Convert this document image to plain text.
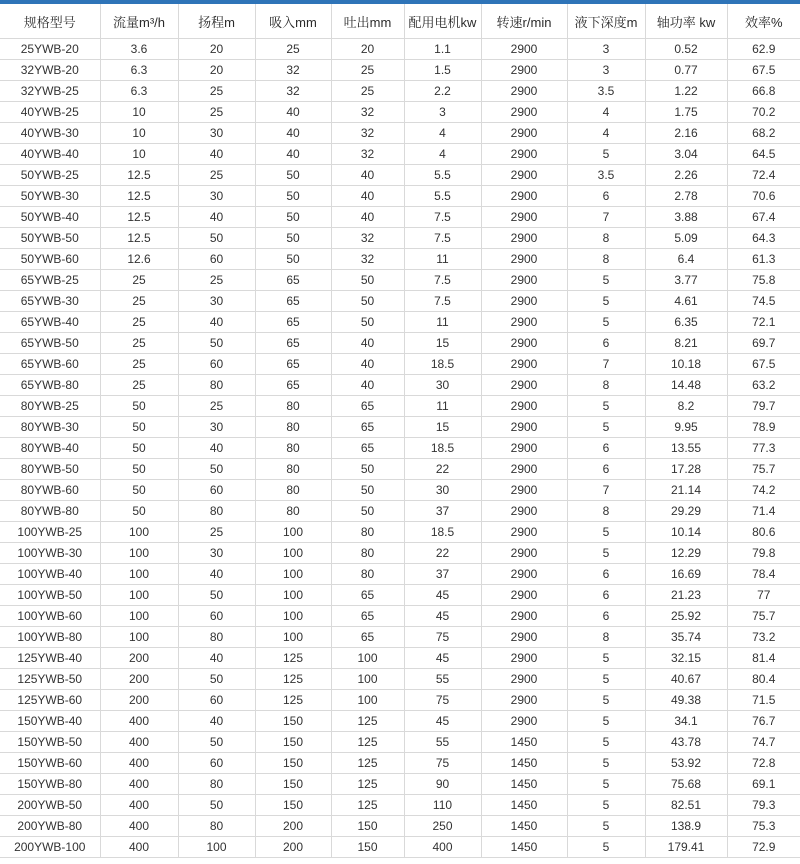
规格型号	流量m³/h	扬程m	吸入mm	吐出mm	配用电机kw	转速r/min	液下深度m	轴功率 kw	效率%
25YWB-20	3.6	20	25	20	1.1	2900	3	0.52	62.9
32YWB-20	6.3	20	32	25	1.5	2900	3	0.77	67.5
32YWB-25	6.3	25	32	25	2.2	2900	3.5	1.22	66.8
40YWB-25	10	25	40	32	3	2900	4	1.75	70.2
40YWB-30	10	30	40	32	4	2900	4	2.16	68.2
40YWB-40	10	40	40	32	4	2900	5	3.04	64.5
50YWB-25	12.5	25	50	40	5.5	2900	3.5	2.26	72.4
50YWB-30	12.5	30	50	40	5.5	2900	6	2.78	70.6
50YWB-40	12.5	40	50	40	7.5	2900	7	3.88	67.4
50YWB-50	12.5	50	50	32	7.5	2900	8	5.09	64.3
50YWB-60	12.6	60	50	32	11	2900	8	6.4	61.3
65YWB-25	25	25	65	50	7.5	2900	5	3.77	75.8
65YWB-30	25	30	65	50	7.5	2900	5	4.61	74.5
65YWB-40	25	40	65	50	11	2900	5	6.35	72.1
65YWB-50	25	50	65	40	15	2900	6	8.21	69.7
65YWB-60	25	60	65	40	18.5	2900	7	10.18	67.5
65YWB-80	25	80	65	40	30	2900	8	14.48	63.2
80YWB-25	50	25	80	65	11	2900	5	8.2	79.7
80YWB-30	50	30	80	65	15	2900	5	9.95	78.9
80YWB-40	50	40	80	65	18.5	2900	6	13.55	77.3
80YWB-50	50	50	80	50	22	2900	6	17.28	75.7
80YWB-60	50	60	80	50	30	2900	7	21.14	74.2
80YWB-80	50	80	80	50	37	2900	8	29.29	71.4
100YWB-25	100	25	100	80	18.5	2900	5	10.14	80.6
100YWB-30	100	30	100	80	22	2900	5	12.29	79.8
100YWB-40	100	40	100	80	37	2900	6	16.69	78.4
100YWB-50	100	50	100	65	45	2900	6	21.23	77
100YWB-60	100	60	100	65	45	2900	6	25.92	75.7
100YWB-80	100	80	100	65	75	2900	8	35.74	73.2
125YWB-40	200	40	125	100	45	2900	5	32.15	81.4
125YWB-50	200	50	125	100	55	2900	5	40.67	80.4
125YWB-60	200	60	125	100	75	2900	5	49.38	71.5
150YWB-40	400	40	150	125	45	2900	5	34.1	76.7
150YWB-50	400	50	150	125	55	1450	5	43.78	74.7
150YWB-60	400	60	150	125	75	1450	5	53.92	72.8
150YWB-80	400	80	150	125	90	1450	5	75.68	69.1
200YWB-50	400	50	150	125	110	1450	5	82.51	79.3
200YWB-80	400	80	200	150	250	1450	5	138.9	75.3
200YWB-100	400	100	200	150	400	1450	5	179.41	72.9
